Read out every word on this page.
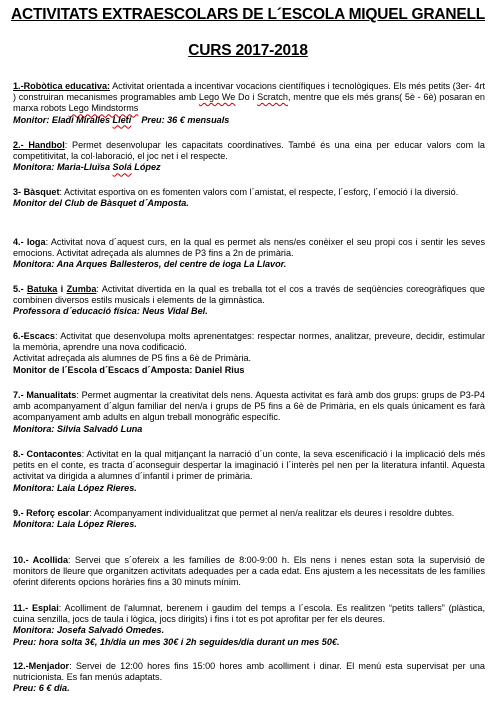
ACTIVITATS EXTRAESCOLARS DE L´ESCOLA MIQUEL GRANELL
CURS 2017-2018

1.-Robòtica educativa: Activitat orientada a incentivar vocacions científiques i tecnològiques. Els més petits (3er- 4rt ) construiran mecanismes programables amb Lego We Do i Scratch, mentre que els més grans( 5è - 6è) posaran en marxa robots Lego Mindstorms

Monitor: Eladi Miralles Lleti    Preu: 36 € mensuals

2.- Handbol: Permet desenvolupar les capacitats coordinatives. També és una eina per educar valors com la competitivitat, la col·laboració, el joc net i el respecte.

Monitora: Maria-Lluïsa Solá López

3- Bàsquet: Activitat esportiva on es fomenten valors com l´amistat, el respecte, l´esforç, l´emoció i la diversió.

Monitor del Club de Bàsquet d´Amposta.

4.- Ioga: Activitat nova d´aquest curs, en la qual es permet als nens/es conèixer el seu propi cos i sentir les seves emocions. Activitat adreçada als alumnes de P3 fins a 2n de primària.

Monitora: Ana Arques Ballesteros, del centre de ioga La Llavor.

5.- Batuka i Zumba: Activitat divertida en la qual es treballa tot el cos a través de seqüències coreogràfiques que combinen diversos estils musicals i elements de la gimnàstica.

Professora d´educació física: Neus Vidal Bel.

6.-Escacs: Activitat que desenvolupa molts aprenentatges: respectar normes, analitzar, preveure, decidir, estimular la memòria, aprendre una nova codificació.

Activitat adreçada als alumnes de P5 fins a 6è de Primària.

Monitor de l´Escola d´Escacs d´Amposta: Daniel Rius

7.- Manualitats: Permet augmentar la creativitat dels nens. Aquesta activitat es farà amb dos grups: grups de P3-P4 amb acompanyament d´algun familiar del nen/a i grups de P5 fins a 6è de Primària, en els quals únicament es farà acompanyament amb adults en algun treball monogràfic específic.

Monitora: Silvia Salvadó Luna

8.- Contacontes: Activitat en la qual mitjançant la narració d´un conte, la seva escenificació i la implicació dels més petits en el conte, es tracta d´aconseguir despertar la imaginació i l´interès pel nen per la literatura infantil. Aquesta activitat va dirigida a alumnes d´infantil i primer de primària.

Monitora: Laia López Rieres.

9.- Reforç escolar: Acompanyament individualitzat que permet al nen/a realitzar els deures i resoldre dubtes.

Monitora: Laia López Rieres.

10.- Acollida: Servei que s´ofereix a les famílies de 8:00-9:00 h. Els nens i nenes estan sota la supervisió de monitors de lleure que organitzen activitats adequades per a cada edat. Ens ajustem a les necessitats de les famílies oferint diferents opcions horàries fins a 30 minuts mínim.

11.- Esplai: Acolliment de l'alumnat, berenem i gaudim del temps a l´escola. Es realitzen “petits tallers” (plàstica, cuina senzilla, jocs de taula i lògica, jocs dirigits) i fins i tot es pot aprofitar per fer els deures.

Monitora: Josefa Salvadó Omedes.

Preu: hora solta 3€, 1h/dia un mes 30€ i 2h seguides/dia durant un mes 50€.

12.-Menjador: Servei de 12:00 hores fins 15:00 hores amb acolliment i dinar. El menú esta supervisat per una nutricionista. Es fan menús adaptats.

Preu: 6 € dia.
